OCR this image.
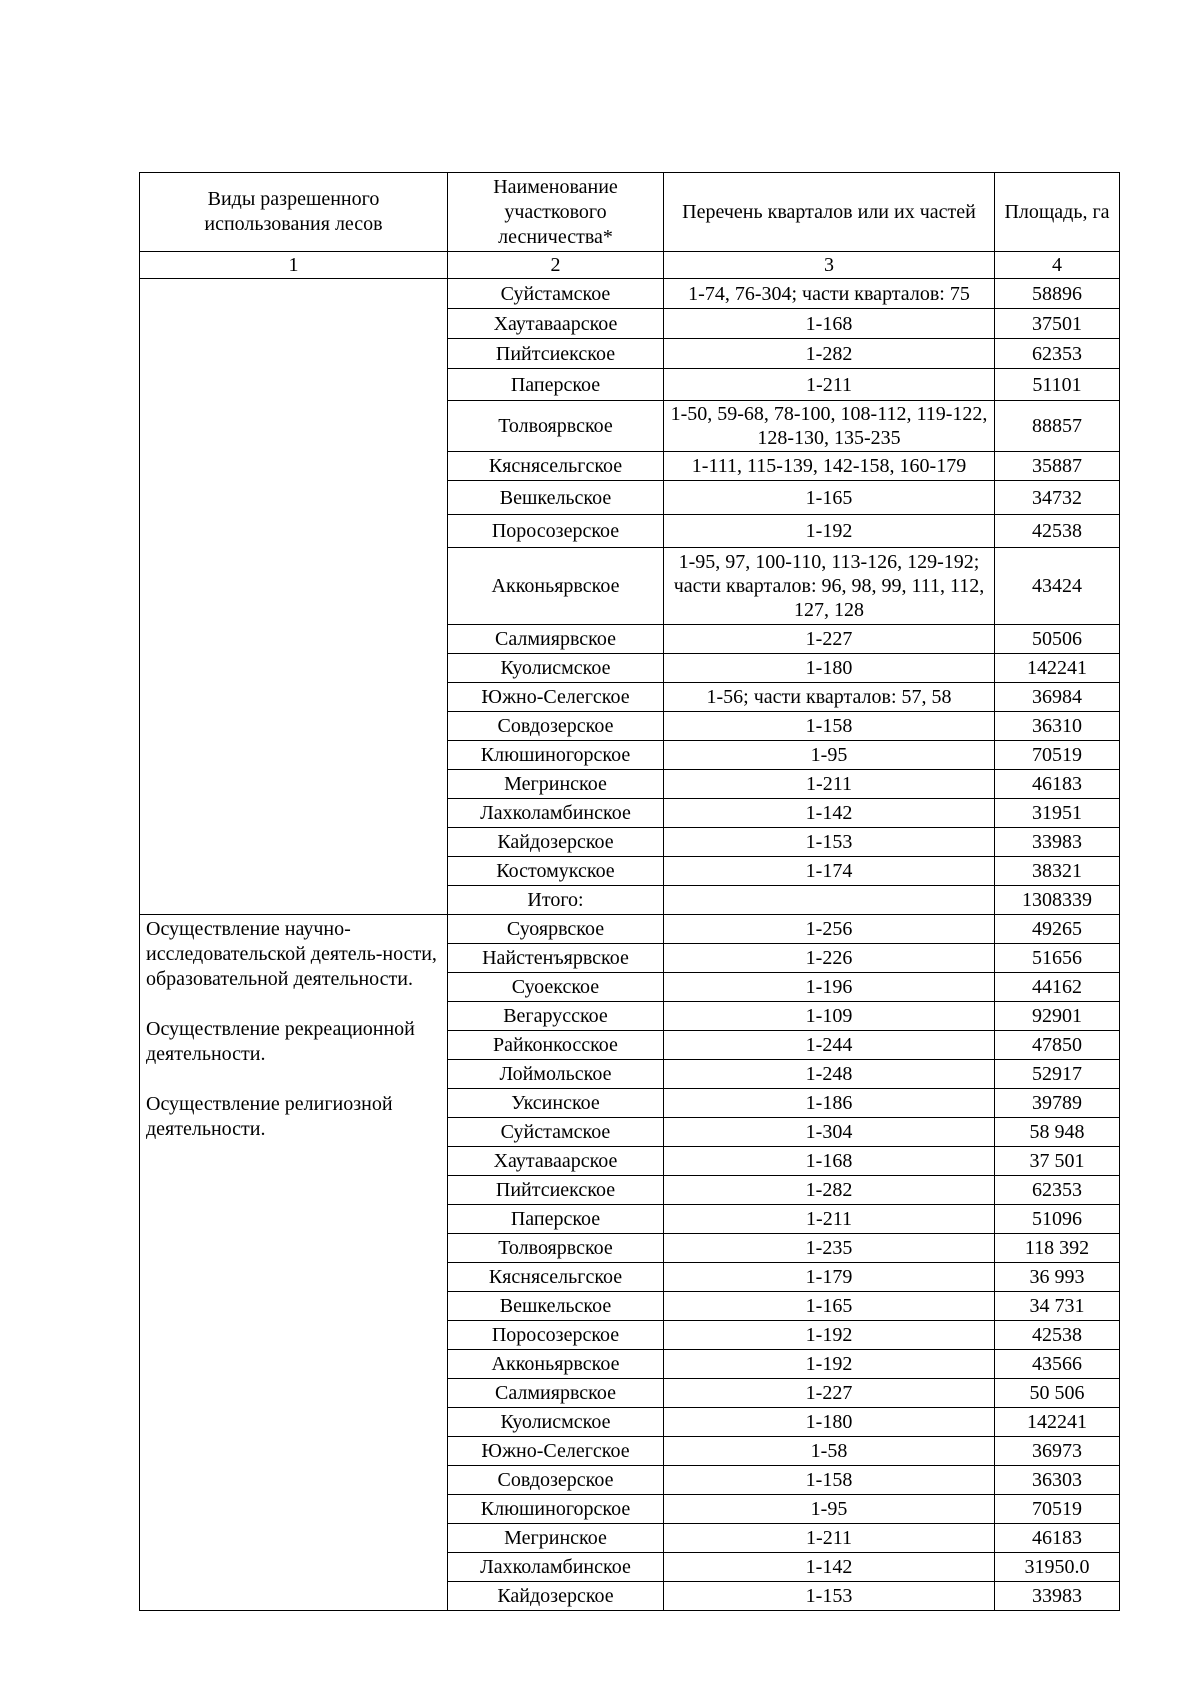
Виды разрешенного использования лесов	Наименование участкового лесничества*	Перечень кварталов или их частей	Площадь, га
1	2	3	4
	Суйстамское	1-74, 76-304; части кварталов: 75	58896
	Хаутаваарское	1-168	37501
	Пийтсиекское	1-282	62353
	Паперское	1-211	51101
	Толвоярвское	1-50, 59-68, 78-100, 108-112, 119-122, 128-130, 135-235	88857
	Кяснясельгское	1-111, 115-139, 142-158, 160-179	35887
	Вешкельское	1-165	34732
	Поросозерское	1-192	42538
	Акконьярвское	1-95, 97, 100-110, 113-126, 129-192; части кварталов: 96, 98, 99, 111, 112, 127, 128	43424
	Салмиярвское	1-227	50506
	Куолисмское	1-180	142241
	Южно-Селегское	1-56; части кварталов: 57, 58	36984
	Совдозерское	1-158	36310
	Клюшиногорское	1-95	70519
	Мегринское	1-211	46183
	Лахколамбинское	1-142	31951
	Кайдозерское	1-153	33983
	Костомукское	1-174	38321
	Итого:		1308339

Осуществление научно-исследовательской деятель-ности, образовательной деятельности.
Осуществление рекреационной деятельности.
Осуществление религиозной деятельности.	Суоярвское	1-256	49265
	Найстенъярвское	1-226	51656
	Суоекское	1-196	44162
	Вегарусское	1-109	92901
	Райконкосское	1-244	47850
	Лоймольское	1-248	52917
	Уксинское	1-186	39789
	Суйстамское	1-304	58 948
	Хаутаваарское	1-168	37 501
	Пийтсиекское	1-282	62353
	Паперское	1-211	51096
	Толвоярвское	1-235	118 392
	Кяснясельгское	1-179	36 993
	Вешкельское	1-165	34 731
	Поросозерское	1-192	42538
	Акконьярвское	1-192	43566
	Салмиярвское	1-227	50 506
	Куолисмское	1-180	142241
	Южно-Селегское	1-58	36973
	Совдозерское	1-158	36303
	Клюшиногорское	1-95	70519
	Мегринское	1-211	46183
	Лахколамбинское	1-142	31950.0
	Кайдозерское	1-153	33983
